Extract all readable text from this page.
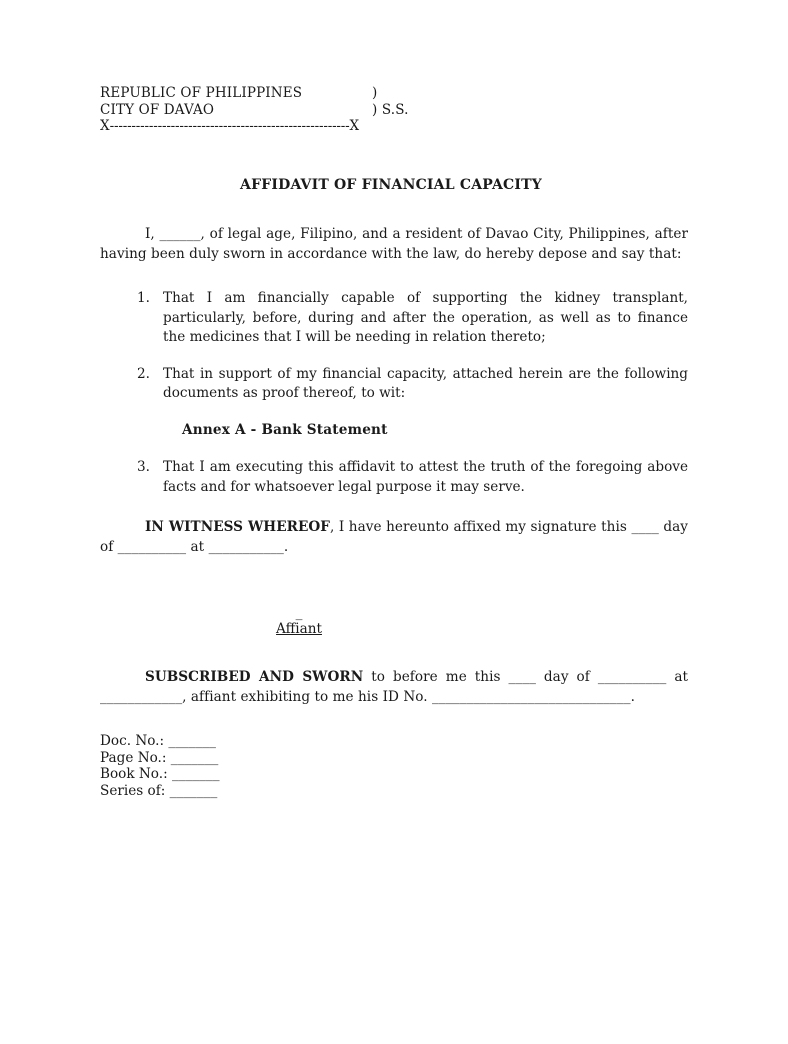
REPUBLIC OF PHILIPPINES	)
CITY OF DAVAO	) S.S.
X-------------------------------------------------------X
AFFIDAVIT OF FINANCIAL CAPACITY
I, ______, of legal age, Filipino, and a resident of Davao City, Philippines, after having been duly sworn in accordance with the law, do hereby depose and say that:
1. That I am financially capable of supporting the kidney transplant, particularly, before, during and after the operation, as well as to finance the medicines that I will be needing in relation thereto;
2. That in support of my financial capacity, attached herein are the following documents as proof thereof, to wit:
Annex A - Bank Statement
3. That I am executing this affidavit to attest the truth of the foregoing above facts and for whatsoever legal purpose it may serve.
IN WITNESS WHEREOF, I have hereunto affixed my signature this ____ day of __________ at ___________.
_
Affiant
SUBSCRIBED AND SWORN to before me this ____ day of __________ at ____________, affiant exhibiting to me his ID No. _____________________________.
Doc. No.: _______
Page No.: _______
Book No.: _______
Series of: _______
